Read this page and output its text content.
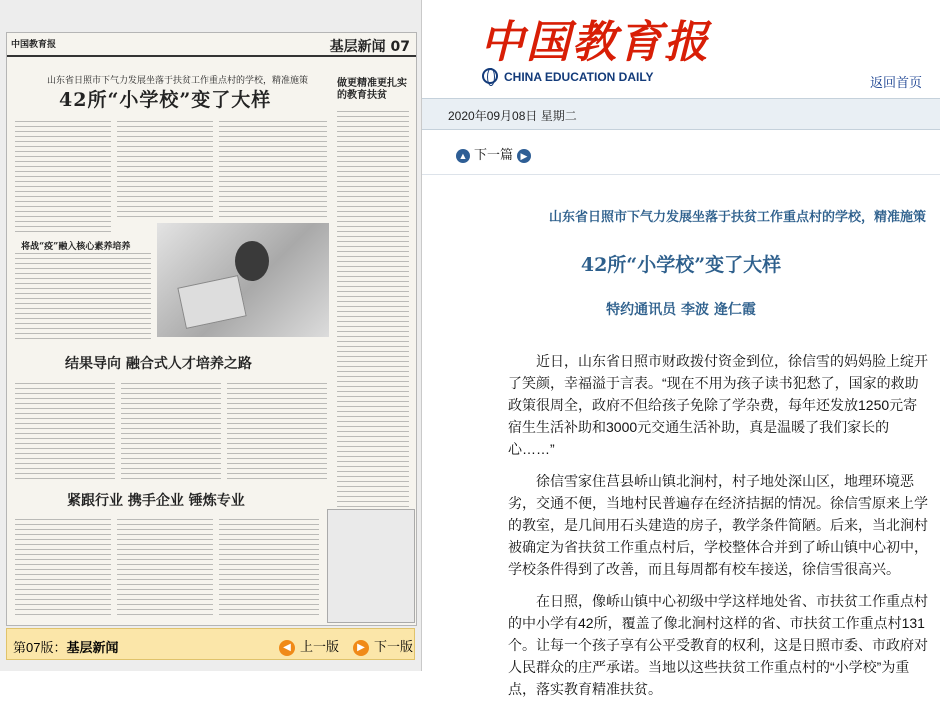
中国教育报	基层新闻 07
山东省日照市下气力发展坐落于扶贫工作重点村的学校，精准施策
42所“小学校”变了大样
做更精准更扎实的教育扶贫
将战“疫”融入核心素养培养
结果导向 融合式人才培养之路
紧跟行业 携手企业 锤炼专业
第07版：基层新闻	◀ 上一版	▶ 下一版
中国教育报
CHINA EDUCATION DAILY	返回首页
2020年09月08日 星期二
▲ 下一篇 ▶
山东省日照市下气力发展坐落于扶贫工作重点村的学校，精准施策
42所“小学校”变了大样
特约通讯员 李波 逄仁霞

近日，山东省日照市财政拨付资金到位，徐信雪的妈妈脸上绽开了笑颜，幸福溢于言表。“现在不用为孩子读书犯愁了，国家的救助政策很周全，政府不但给孩子免除了学杂费，每年还发放1250元寄宿生生活补助和3000元交通生活补助，真是温暖了我们家长的心……”

徐信雪家住莒县峤山镇北涧村，村子地处深山区，地理环境恶劣，交通不便，当地村民普遍存在经济拮据的情况。徐信雪原来上学的教室，是几间用石头建造的房子，教学条件简陋。后来，当北涧村被确定为省扶贫工作重点村后，学校整体合并到了峤山镇中心初中，学校条件得到了改善，而且每周都有校车接送，徐信雪很高兴。

在日照，像峤山镇中心初级中学这样地处省、市扶贫工作重点村的中小学有42所，覆盖了像北涧村这样的省、市扶贫工作重点村131个。让每一个孩子享有公平受教育的权利，这是日照市委、市政府对人民群众的庄严承诺。当地以这些扶贫工作重点村的“小学校”为重点，落实教育精准扶贫。
